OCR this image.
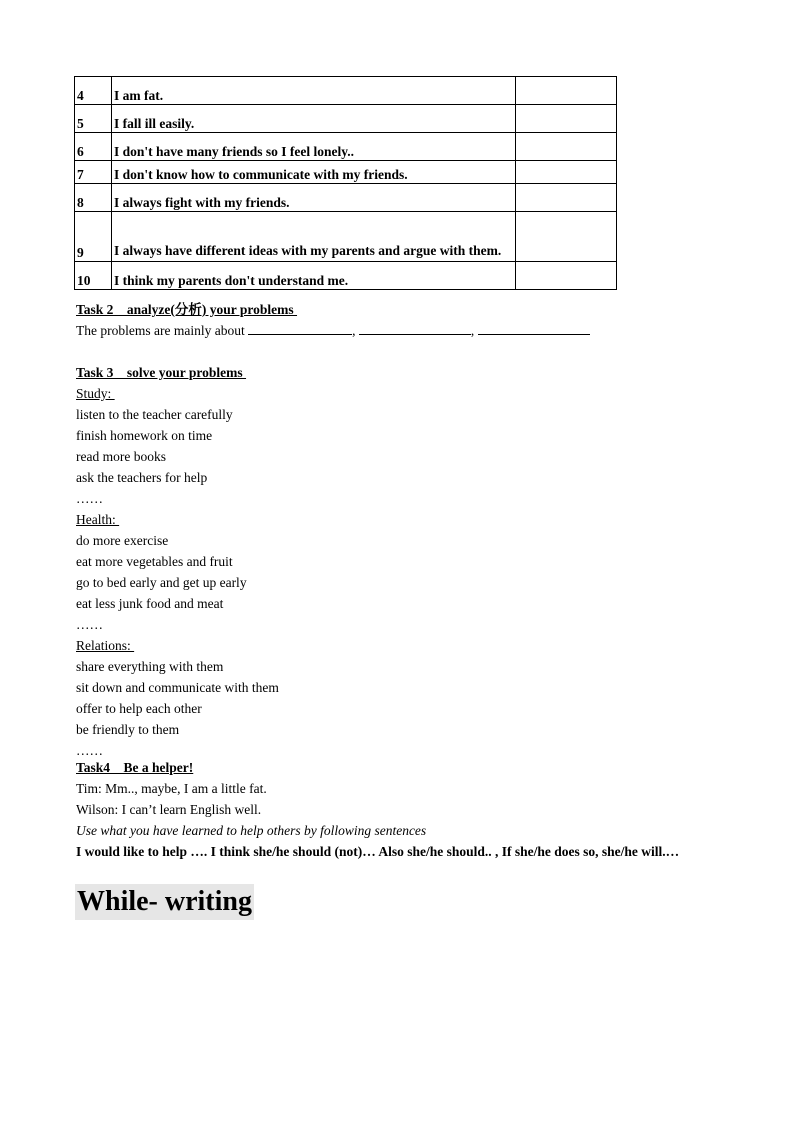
4	I am fat.	
5	I fall ill easily.	
6	I don't have many friends so I feel lonely..	
7	I don't know how to communicate with my friends.	
8	I always fight with my friends.	
9	I always have different ideas with my parents and argue with them.	
10	I think my parents don't understand me.	
Task 2    analyze(分析) your problems
The problems are mainly about	,	,
Task 3    solve your problems
Study:
listen to the teacher carefully
finish homework on time
read more books
ask the teachers for help
……
Health:
do more exercise
eat more vegetables and fruit
go to bed early and get up early
eat less junk food and meat
……
Relations:
share everything with them
sit down and communicate with them
offer to help each other
be friendly to them
……
Task4    Be a helper!
Tim: Mm.., maybe, I am a little fat.
Wilson: I can’t learn English well.
Use what you have learned to help others by following sentences
I would like to help …. I think she/he should (not)… Also she/he should.. , If she/he does so, she/he will.…
While- writing
